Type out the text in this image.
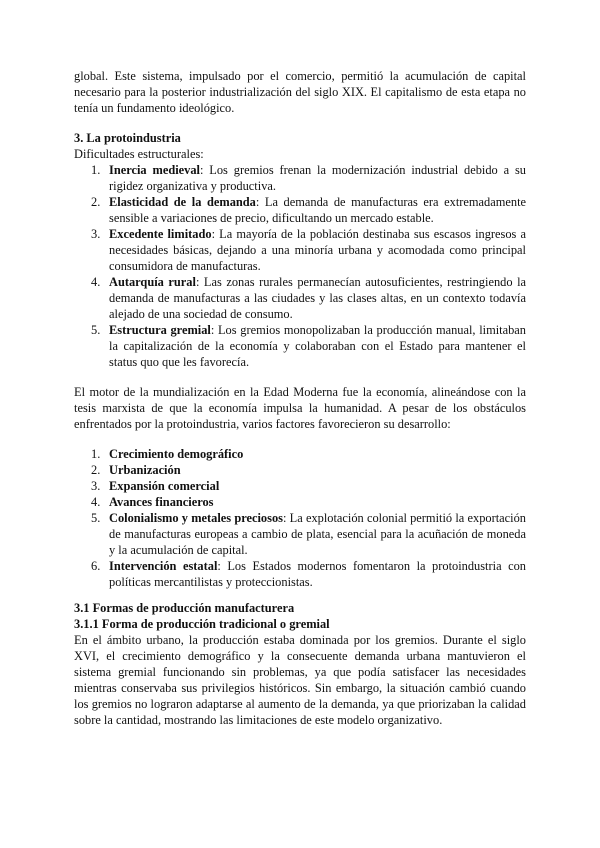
global. Este sistema, impulsado por el comercio, permitió la acumulación de capital necesario para la posterior industrialización del siglo XIX. El capitalismo de esta etapa no tenía un fundamento ideológico.

3. La protoindustria

Dificultades estructurales:

1. Inercia medieval: Los gremios frenan la modernización industrial debido a su rigidez organizativa y productiva.
2. Elasticidad de la demanda: La demanda de manufacturas era extremadamente sensible a variaciones de precio, dificultando un mercado estable.
3. Excedente limitado: La mayoría de la población destinaba sus escasos ingresos a necesidades básicas, dejando a una minoría urbana y acomodada como principal consumidora de manufacturas.
4. Autarquía rural: Las zonas rurales permanecían autosuficientes, restringiendo la demanda de manufacturas a las ciudades y las clases altas, en un contexto todavía alejado de una sociedad de consumo.
5. Estructura gremial: Los gremios monopolizaban la producción manual, limitaban la capitalización de la economía y colaboraban con el Estado para mantener el status quo que les favorecía.

El motor de la mundialización en la Edad Moderna fue la economía, alineándose con la tesis marxista de que la economía impulsa la humanidad. A pesar de los obstáculos enfrentados por la protoindustria, varios factores favorecieron su desarrollo:

1. Crecimiento demográfico
2. Urbanización
3. Expansión comercial
4. Avances financieros
5. Colonialismo y metales preciosos: La explotación colonial permitió la exportación de manufacturas europeas a cambio de plata, esencial para la acuñación de moneda y la acumulación de capital.
6. Intervención estatal: Los Estados modernos fomentaron la protoindustria con políticas mercantilistas y proteccionistas.

3.1 Formas de producción manufacturera

3.1.1 Forma de producción tradicional o gremial

En el ámbito urbano, la producción estaba dominada por los gremios. Durante el siglo XVI, el crecimiento demográfico y la consecuente demanda urbana mantuvieron el sistema gremial funcionando sin problemas, ya que podía satisfacer las necesidades mientras conservaba sus privilegios históricos. Sin embargo, la situación cambió cuando los gremios no lograron adaptarse al aumento de la demanda, ya que priorizaban la calidad sobre la cantidad, mostrando las limitaciones de este modelo organizativo.
